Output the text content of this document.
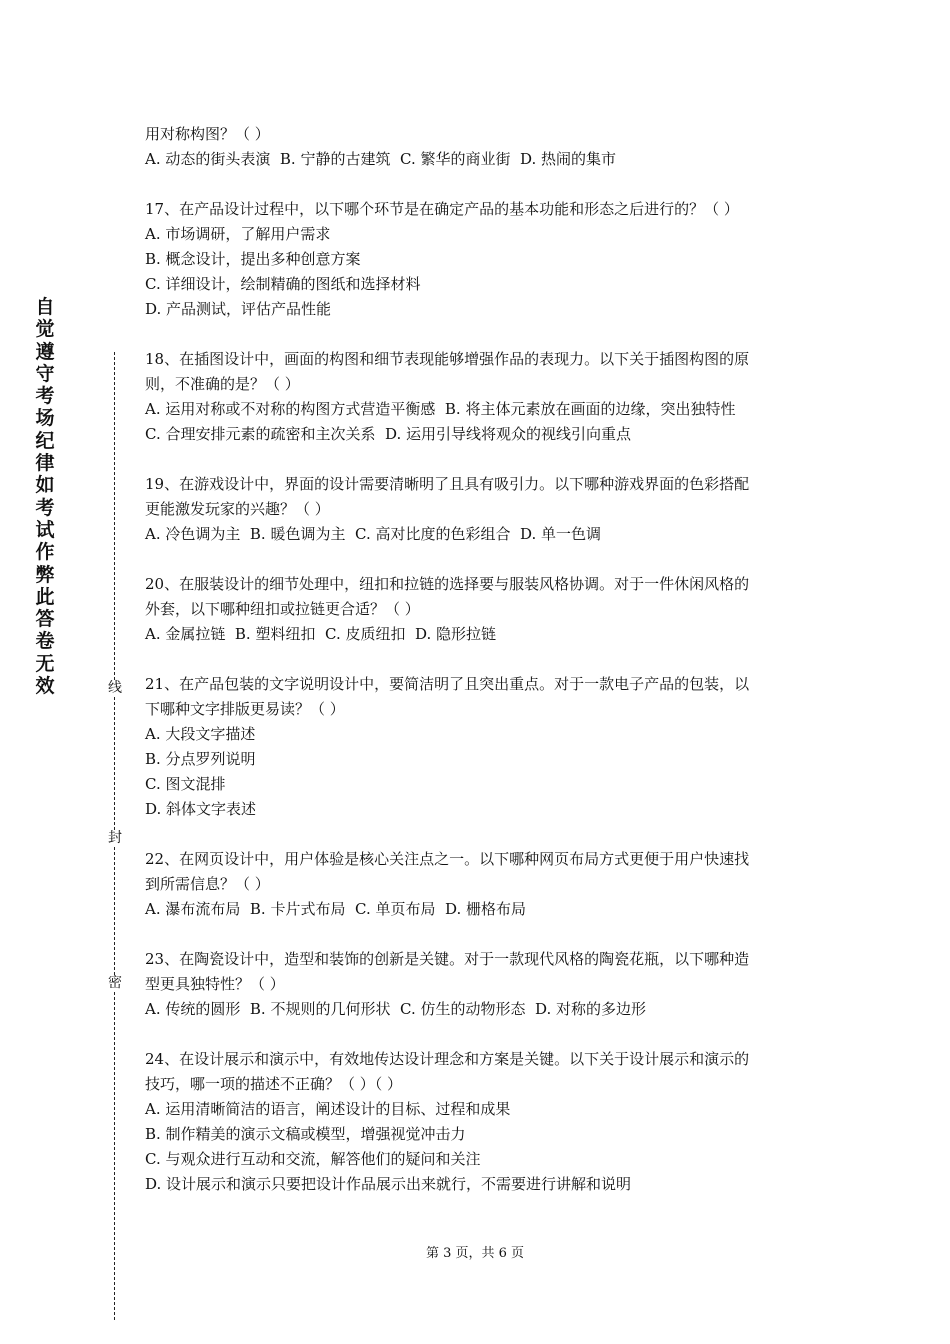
自觉遵守考场纪律如考试作弊此答卷无效	线
封
密

用对称构图？（ ）

A. 动态的街头表演  B. 宁静的古建筑  C. 繁华的商业街  D. 热闹的集市

17、在产品设计过程中，以下哪个环节是在确定产品的基本功能和形态之后进行的？（ ）

A. 市场调研，了解用户需求

B. 概念设计，提出多种创意方案

C. 详细设计，绘制精确的图纸和选择材料

D. 产品测试，评估产品性能

18、在插图设计中，画面的构图和细节表现能够增强作品的表现力。以下关于插图构图的原

则，不准确的是？（ ）

A. 运用对称或不对称的构图方式营造平衡感  B. 将主体元素放在画面的边缘，突出独特性

C. 合理安排元素的疏密和主次关系  D. 运用引导线将观众的视线引向重点

19、在游戏设计中，界面的设计需要清晰明了且具有吸引力。以下哪种游戏界面的色彩搭配

更能激发玩家的兴趣？（ ）

A. 冷色调为主  B. 暖色调为主  C. 高对比度的色彩组合  D. 单一色调

20、在服装设计的细节处理中，纽扣和拉链的选择要与服装风格协调。对于一件休闲风格的

外套，以下哪种纽扣或拉链更合适？（ ）

A. 金属拉链  B. 塑料纽扣  C. 皮质纽扣  D. 隐形拉链

21、在产品包装的文字说明设计中，要简洁明了且突出重点。对于一款电子产品的包装，以

下哪种文字排版更易读？（ ）

A. 大段文字描述

B. 分点罗列说明

C. 图文混排

D. 斜体文字表述

22、在网页设计中，用户体验是核心关注点之一。以下哪种网页布局方式更便于用户快速找

到所需信息？（ ）

A. 瀑布流布局  B. 卡片式布局  C. 单页布局  D. 栅格布局

23、在陶瓷设计中，造型和装饰的创新是关键。对于一款现代风格的陶瓷花瓶，以下哪种造

型更具独特性？（ ）

A. 传统的圆形  B. 不规则的几何形状  C. 仿生的动物形态  D. 对称的多边形

24、在设计展示和演示中，有效地传达设计理念和方案是关键。以下关于设计展示和演示的

技巧，哪一项的描述不正确？（ ）（ ）

A. 运用清晰简洁的语言，阐述设计的目标、过程和成果

B. 制作精美的演示文稿或模型，增强视觉冲击力

C. 与观众进行互动和交流，解答他们的疑问和关注

D. 设计展示和演示只要把设计作品展示出来就行，不需要进行讲解和说明

第 3 页，共 6 页
